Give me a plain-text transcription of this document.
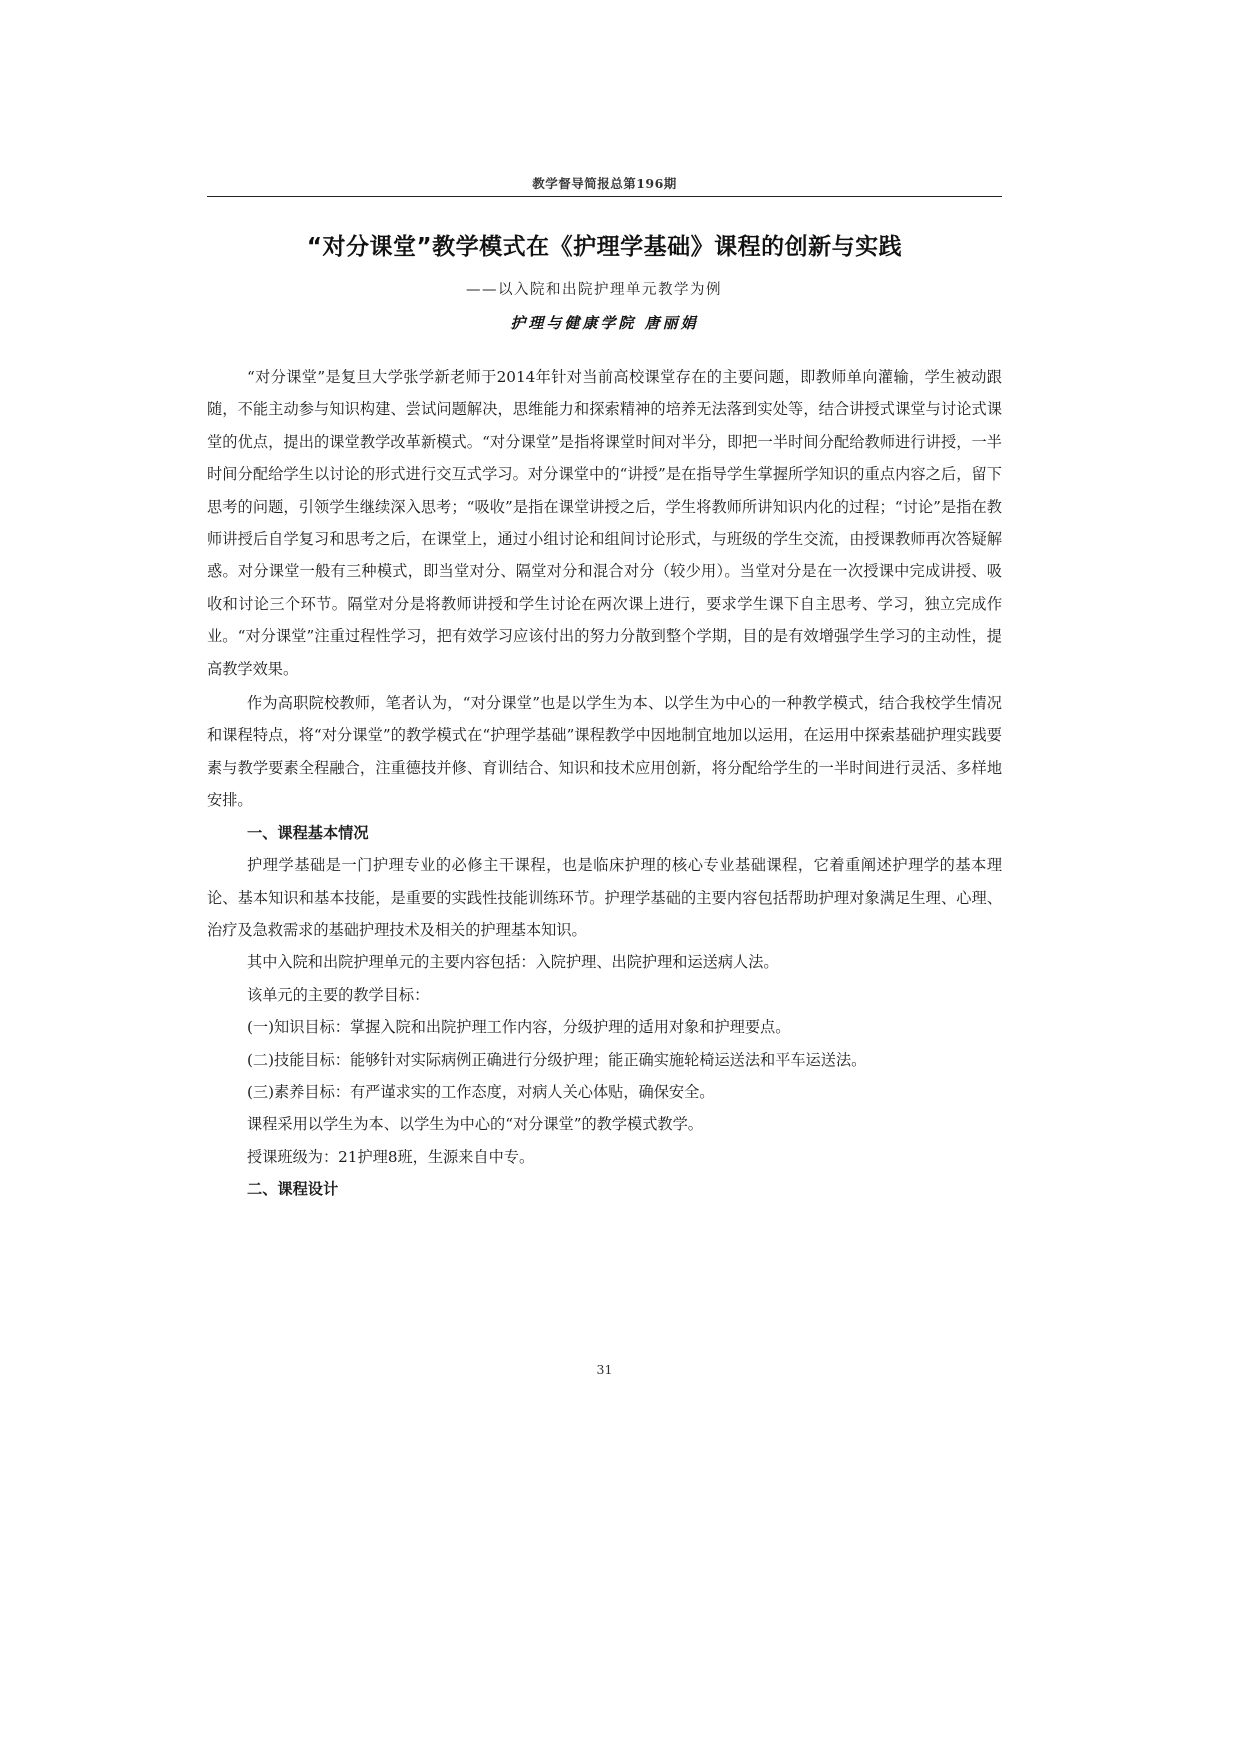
教学督导简报总第196期
“对分课堂”教学模式在《护理学基础》课程的创新与实践
——以入院和出院护理单元教学为例
护理与健康学院 唐丽娟

“对分课堂”是复旦大学张学新老师于2014年针对当前高校课堂存在的主要问题，即教师单向灌输，学生被动跟随，不能主动参与知识构建、尝试问题解决，思维能力和探索精神的培养无法落到实处等，结合讲授式课堂与讨论式课堂的优点，提出的课堂教学改革新模式。“对分课堂”是指将课堂时间对半分，即把一半时间分配给教师进行讲授，一半时间分配给学生以讨论的形式进行交互式学习。对分课堂中的“讲授”是在指导学生掌握所学知识的重点内容之后，留下思考的问题，引领学生继续深入思考；“吸收”是指在课堂讲授之后，学生将教师所讲知识内化的过程；“讨论”是指在教师讲授后自学复习和思考之后，在课堂上，通过小组讨论和组间讨论形式，与班级的学生交流，由授课教师再次答疑解惑。对分课堂一般有三种模式，即当堂对分、隔堂对分和混合对分（较少用）。当堂对分是在一次授课中完成讲授、吸收和讨论三个环节。隔堂对分是将教师讲授和学生讨论在两次课上进行，要求学生课下自主思考、学习，独立完成作业。“对分课堂”注重过程性学习，把有效学习应该付出的努力分散到整个学期，目的是有效增强学生学习的主动性，提高教学效果。

作为高职院校教师，笔者认为，“对分课堂”也是以学生为本、以学生为中心的一种教学模式，结合我校学生情况和课程特点，将“对分课堂”的教学模式在“护理学基础”课程教学中因地制宜地加以运用，在运用中探索基础护理实践要素与教学要素全程融合，注重德技并修、育训结合、知识和技术应用创新，将分配给学生的一半时间进行灵活、多样地安排。

一、课程基本情况

护理学基础是一门护理专业的必修主干课程，也是临床护理的核心专业基础课程，它着重阐述护理学的基本理论、基本知识和基本技能，是重要的实践性技能训练环节。护理学基础的主要内容包括帮助护理对象满足生理、心理、治疗及急救需求的基础护理技术及相关的护理基本知识。

其中入院和出院护理单元的主要内容包括：入院护理、出院护理和运送病人法。

该单元的主要的教学目标：

(一)知识目标：掌握入院和出院护理工作内容，分级护理的适用对象和护理要点。

(二)技能目标：能够针对实际病例正确进行分级护理；能正确实施轮椅运送法和平车运送法。

(三)素养目标：有严谨求实的工作态度，对病人关心体贴，确保安全。

课程采用以学生为本、以学生为中心的“对分课堂”的教学模式教学。

授课班级为：21护理8班，生源来自中专。

二、课程设计

31
